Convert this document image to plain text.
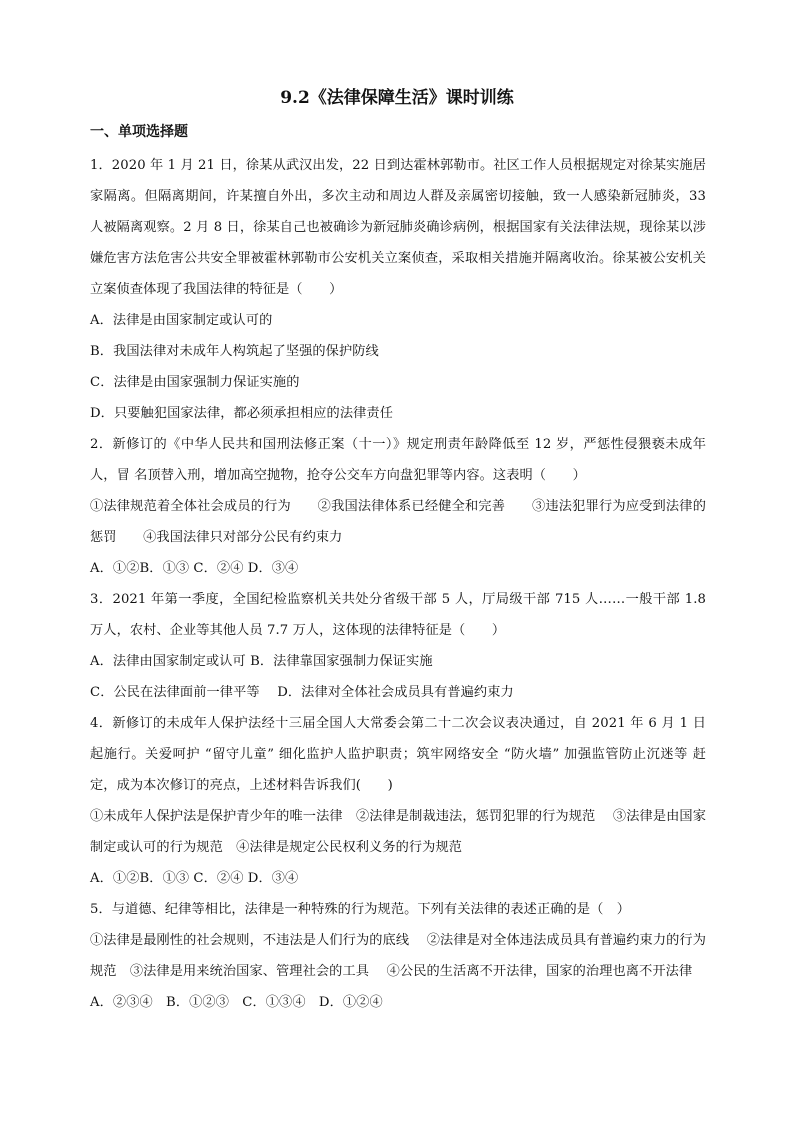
9.2《法律保障生活》课时训练
一、单项选择题

1．2020 年 1 月 21 日，徐某从武汉出发，22 日到达霍林郭勒市。社区工作人员根据规定对徐某实施居家隔离。但隔离期间，许某擅自外出，多次主动和周边人群及亲属密切接触，致一人感染新冠肺炎，33 人被隔离观察。2 月 8 日，徐某自己也被确诊为新冠肺炎确诊病例，根据国家有关法律法规，现徐某以涉嫌危害方法危害公共安全罪被霍林郭勒市公安机关立案侦查，采取相关措施并隔离收治。徐某被公安机关立案侦查体现了我国法律的特征是（　　）

A．法律是由国家制定或认可的

B．我国法律对未成年人构筑起了坚强的保护防线

C．法律是由国家强制力保证实施的

D．只要触犯国家法律，都必须承担相应的法律责任

2．新修订的《中华人民共和国刑法修正案（十一）》规定刑责年龄降低至 12 岁，严惩性侵猥亵未成年人，冒 名顶替入刑，增加高空抛物，抢夺公交车方向盘犯罪等内容。这表明（　　）

①法律规范着全体社会成员的行为　　②我国法律体系已经健全和完善　　③违法犯罪行为应受到法律的惩罚　　④我国法律只对部分公民有约束力

A．①②B．①③ C．②④ D．③④

3．2021 年第一季度，全国纪检监察机关共处分省级干部 5 人，厅局级干部 715 人……一般干部 1.8 万人，农村、企业等其他人员 7.7 万人，这体现的法律特征是（　　）

A．法律由国家制定或认可 B．法律靠国家强制力保证实施

C．公民在法律面前一律平等　 D．法律对全体社会成员具有普遍约束力

4．新修订的未成年人保护法经十三届全国人大常委会第二十二次会议表决通过，自 2021 年 6 月 1 日起施行。关爱呵护 “留守儿童” 细化监护人监护职责；筑牢网络安全 “防火墙” 加强监管防止沉迷等 赶定，成为本次修订的亮点，上述材料告诉我们(　　)

①未成年人保护法是保护青少年的唯一法律　②法律是制裁违法，惩罚犯罪的行为规范　 ③法律是由国家制定或认可的行为规范　④法律是规定公民权利义务的行为规范

A．①②B．①③ C．②④ D．③④

5．与道德、纪律等相比，法律是一种特殊的行为规范。下列有关法律的表述正确的是（　）

①法律是最刚性的社会规则，不违法是人们行为的底线　 ②法律是对全体违法成员具有普遍约束力的行为规范　③法律是用来统治国家、管理社会的工具　 ④公民的生活离不开法律，国家的治理也离不开法律

A．②③④　B．①②③　C．①③④　D．①②④
